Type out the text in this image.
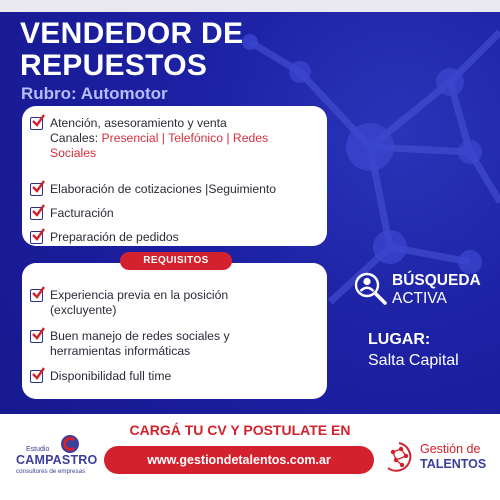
VENDEDOR DE
REPUESTOS
Rubro: Automotor
Atención, asesoramiento y venta
Canales: Presencial | Telefónico | Redes
Sociales
Elaboración de cotizaciones |Seguimiento
Facturación
Preparación de pedidos
Experiencia previa en la posición
(excluyente)
Buen manejo de redes sociales y
herramientas informáticas
Disponibilidad full time
REQUISITOS
BÚSQUEDA
ACTIVA
LUGAR:
Salta Capital
CARGÁ TU CV Y POSTULATE EN
www.gestiondetalentos.com.ar
Estudio
CAMPASTRO
consultores de empresas
Gestión de
TALENTOS
